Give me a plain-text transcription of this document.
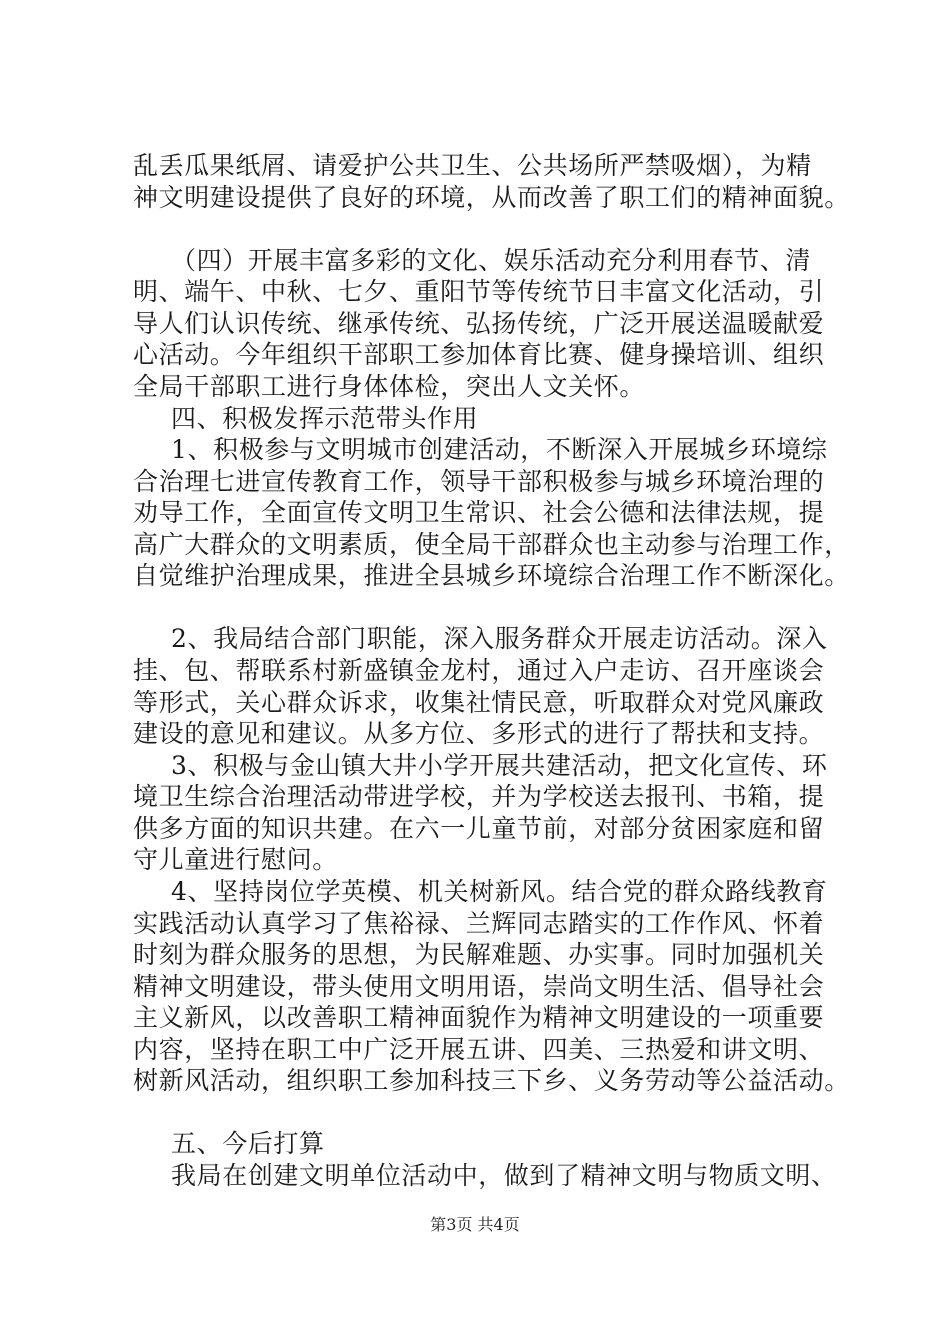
乱丢瓜果纸屑、请爱护公共卫生、公共场所严禁吸烟），为精
神文明建设提供了良好的环境，从而改善了职工们的精神面貌。
（四）开展丰富多彩的文化、娱乐活动充分利用春节、清
明、端午、中秋、七夕、重阳节等传统节日丰富文化活动，引
导人们认识传统、继承传统、弘扬传统，广泛开展送温暖献爱
心活动。今年组织干部职工参加体育比赛、健身操培训、组织
全局干部职工进行身体体检，突出人文关怀。
四、积极发挥示范带头作用
1、积极参与文明城市创建活动，不断深入开展城乡环境综
合治理七进宣传教育工作，领导干部积极参与城乡环境治理的
劝导工作，全面宣传文明卫生常识、社会公德和法律法规，提
高广大群众的文明素质，使全局干部群众也主动参与治理工作，
自觉维护治理成果，推进全县城乡环境综合治理工作不断深化。
2、我局结合部门职能，深入服务群众开展走访活动。深入
挂、包、帮联系村新盛镇金龙村，通过入户走访、召开座谈会
等形式，关心群众诉求，收集社情民意，听取群众对党风廉政
建设的意见和建议。从多方位、多形式的进行了帮扶和支持。
3、积极与金山镇大井小学开展共建活动，把文化宣传、环
境卫生综合治理活动带进学校，并为学校送去报刊、书箱，提
供多方面的知识共建。在六一儿童节前，对部分贫困家庭和留
守儿童进行慰问。
4、坚持岗位学英模、机关树新风。结合党的群众路线教育
实践活动认真学习了焦裕禄、兰辉同志踏实的工作作风、怀着
时刻为群众服务的思想，为民解难题、办实事。同时加强机关
精神文明建设，带头使用文明用语，崇尚文明生活、倡导社会
主义新风，以改善职工精神面貌作为精神文明建设的一项重要
内容，坚持在职工中广泛开展五讲、四美、三热爱和讲文明、
树新风活动，组织职工参加科技三下乡、义务劳动等公益活动。
五、今后打算
我局在创建文明单位活动中，做到了精神文明与物质文明、
第3页 共4页
